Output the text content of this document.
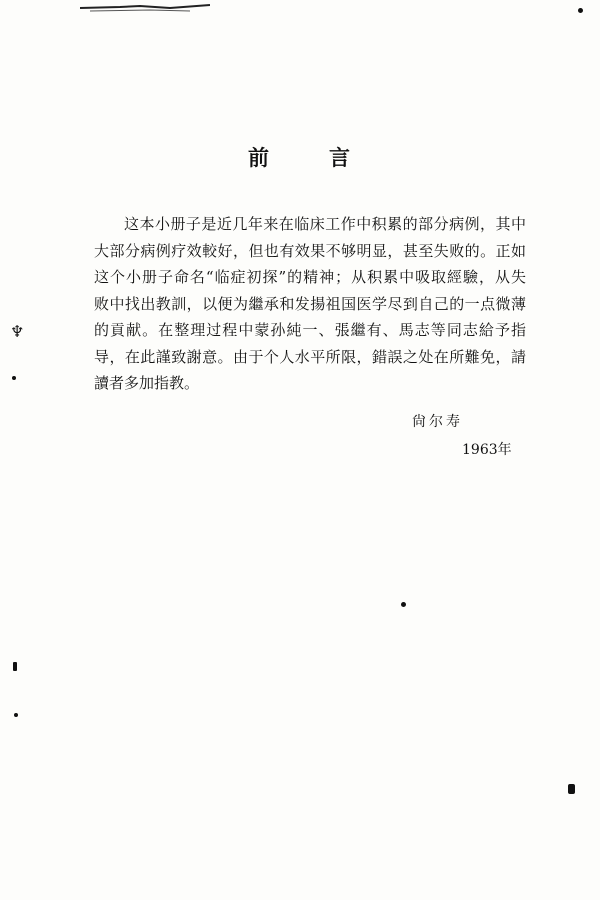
♆
前	言
这本小册子是近几年来在临床工作中积累的部分病例，其中
大部分病例疗效較好，但也有效果不够明显，甚至失败的。正如
这个小册子命名“临症初探”的精神；从积累中吸取經驗，从失
败中找出教訓，以便为繼承和发揚祖国医学尽到自己的一点微薄
的貢献。在整理过程中蒙孙純一、張繼有、馬志等同志給予指
导，在此謹致謝意。由于个人水平所限，錯誤之处在所難免，請
讀者多加指教。
尙尔寿
1963年
